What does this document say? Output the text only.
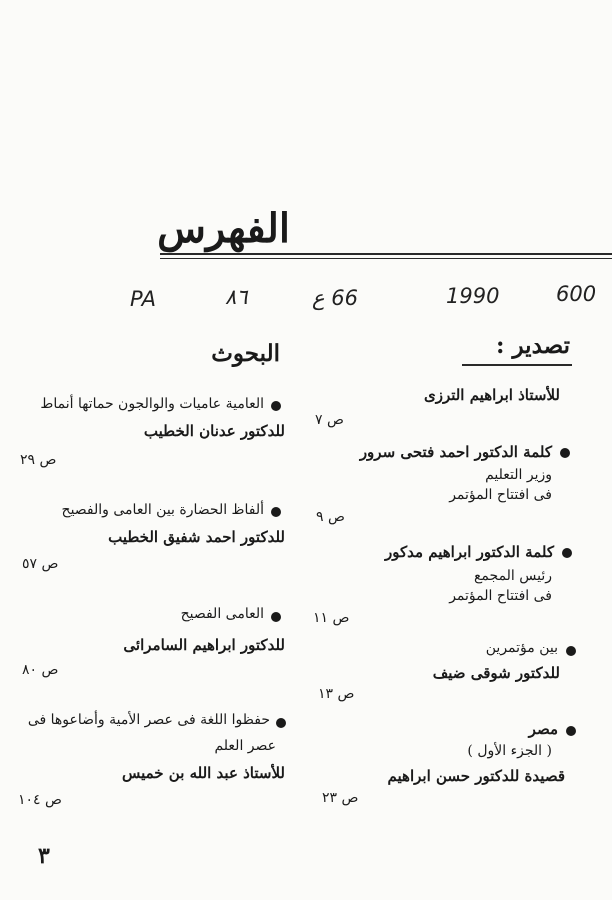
الفهرس
600
1990
66 ع
٨٦
PA
تصدير :
البحوث
للأستاذ ابراهيم الترزى
ص ٧
كلمة الدكتور احمد فتحى سرور
وزير التعليم
فى افتتاح المؤتمر
ص ٩
كلمة الدكتور ابراهيم مدكور
رئيس المجمع
فى افتتاح المؤتمر
ص ١١
بين مؤتمرين
للدكتور شوقى ضيف
ص ١٣
مصر
( الجزء الأول )
قصيدة للدكتور حسن ابراهيم
ص ٢٣
العامية عاميات والوالجون حماتها أنماط
للدكتور عدنان الخطيب
ص ٢٩
ألفاظ الحضارة بين العامى والفصيح
للدكتور احمد شفيق الخطيب
ص ٥٧
العامى الفصيح
للدكتور ابراهيم السامرائى
ص ٨٠
حفظوا اللغة فى عصر الأمية وأضاعوها فى
عصر العلم
للأستاذ عبد الله بن خميس
ص ١٠٤
٣
